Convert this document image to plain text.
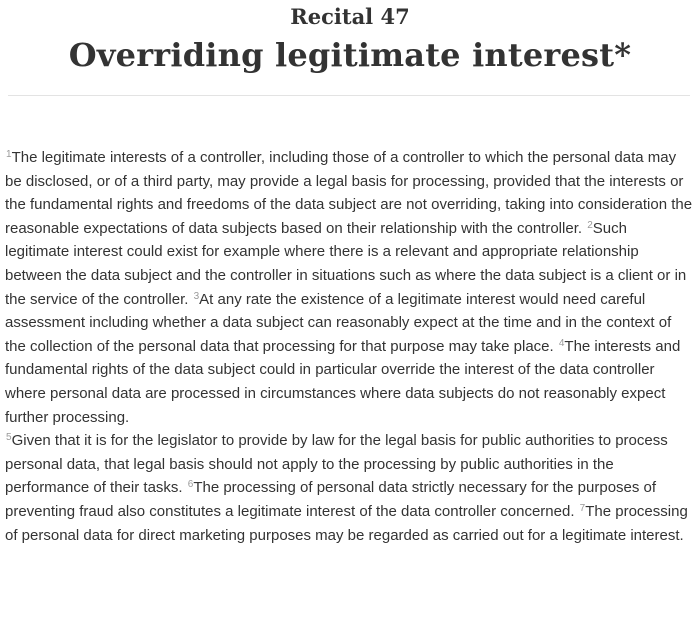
Recital 47
Overriding legitimate interest*

$^1$The legitimate interests of a controller, including those of a controller to which the personal data may be disclosed, or of a third party, may provide a legal basis for processing, provided that the interests or the fundamental rights and freedoms of the data subject are not overriding, taking into consideration the reasonable expectations of data subjects based on their relationship with the controller. $^2$Such legitimate interest could exist for example where there is a relevant and appropriate relationship between the data subject and the controller in situations such as where the data subject is a client or in the service of the controller. $^3$At any rate the existence of a legitimate interest would need careful assessment including whether a data subject can reasonably expect at the time and in the context of the collection of the personal data that processing for that purpose may take place. $^4$The interests and fundamental rights of the data subject could in particular override the interest of the data controller where personal data are processed in circumstances where data subjects do not reasonably expect further processing.
$^5$Given that it is for the legislator to provide by law for the legal basis for public authorities to process personal data, that legal basis should not apply to the processing by public authorities in the performance of their tasks. $^6$The processing of personal data strictly necessary for the purposes of preventing fraud also constitutes a legitimate interest of the data controller concerned. $^7$The processing of personal data for direct marketing purposes may be regarded as carried out for a legitimate interest.
